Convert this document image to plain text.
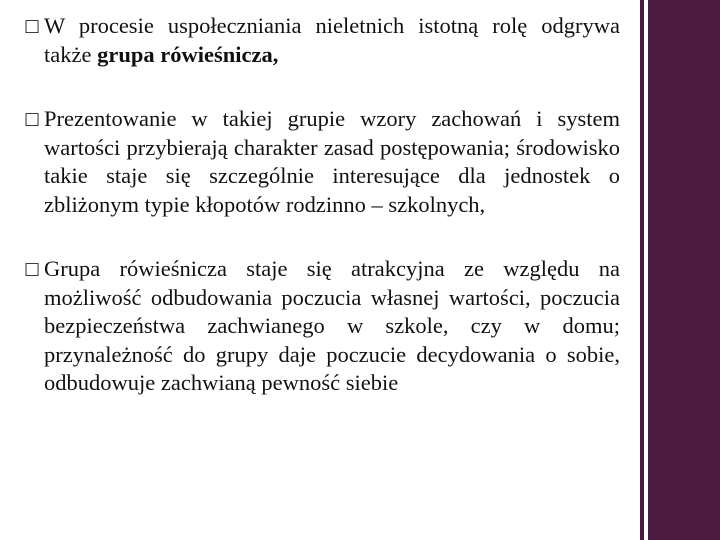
□ W procesie uspołeczniania nieletnich istotną rolę odgrywa także grupa rówieśnicza,

□ Prezentowanie w takiej grupie wzory zachowań i system wartości przybierają charakter zasad postępowania; środowisko takie staje się szczególnie interesujące dla jednostek o zbliżonym typie kłopotów rodzinno – szkolnych,

□ Grupa rówieśnicza staje się atrakcyjna ze względu na możliwość odbudowania poczucia własnej wartości, poczucia bezpieczeństwa zachwianego w szkole, czy w domu; przynależność do grupy daje poczucie decydowania o sobie, odbudowuje zachwianą pewność siebie
